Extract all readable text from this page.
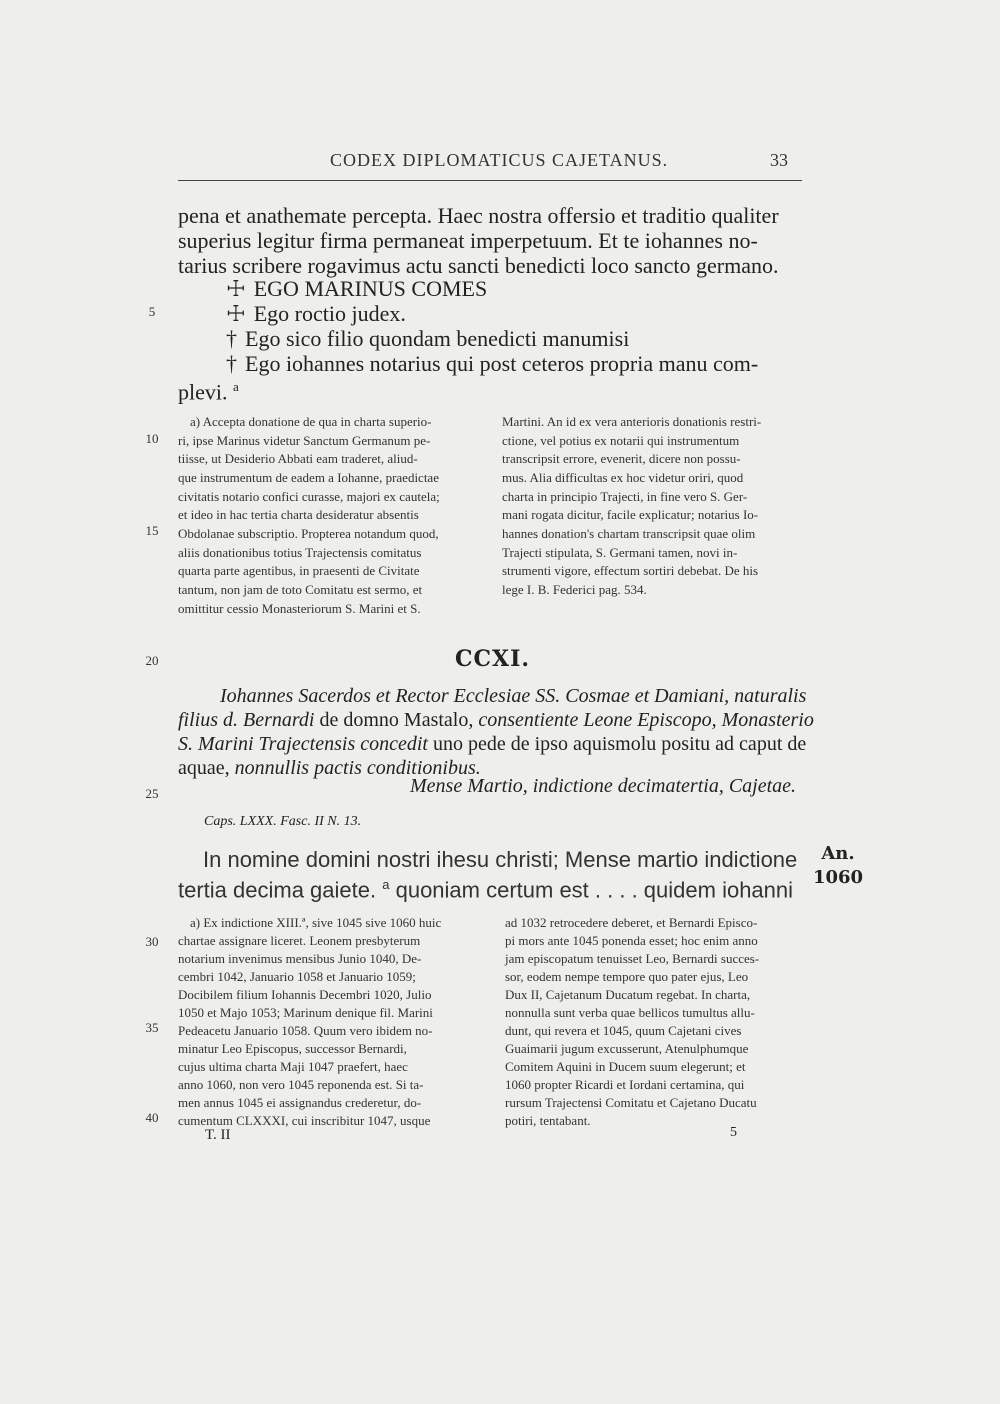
CODEX DIPLOMATICUS CAJETANUS.	33
pena et anathemate percepta. Haec nostra offersio et traditio qualiter
superius legitur firma permaneat imperpetuum. Et te iohannes no-
tarius scribere rogavimus actu sancti benedicti loco sancto germano.
☩ EGO MARINUS COMES
☩ Ego roctio judex.
† Ego sico filio quondam benedicti manumisi
† Ego iohannes notarius qui post ceteros propria manu com-
plevi. $^a$
5
10
15
20
25
30
35
40
a) Accepta donatione de qua in charta superio-
ri, ipse Marinus videtur Sanctum Germanum pe-
tiisse, ut Desiderio Abbati eam traderet, aliud-
que instrumentum de eadem a Iohanne, praedictae
civitatis notario confici curasse, majori ex cautela;
et ideo in hac tertia charta desideratur absentis
Obdolanae subscriptio. Propterea notandum quod,
aliis donationibus totius Trajectensis comitatus
quarta parte agentibus, in praesenti de Civitate
tantum, non jam de toto Comitatu est sermo, et
omittitur cessio Monasteriorum S. Marini et S.
Martini. An id ex vera anterioris donationis restri-
ctione, vel potius ex notarii qui instrumentum
transcripsit errore, evenerit, dicere non possu-
mus. Alia difficultas ex hoc videtur oriri, quod
charta in principio Trajecti, in fine vero S. Ger-
mani rogata dicitur, facile explicatur; notarius Io-
hannes donation's chartam transcripsit quae olim
Trajecti stipulata, S. Germani tamen, novi in-
strumenti vigore, effectum sortiri debebat. De his
lege I. B. Federici pag. 534.
CCXI.
Iohannes Sacerdos et Rector Ecclesiae SS. Cosmae et Damiani, naturalis
filius d. Bernardi de domno Mastalo, consentiente Leone Episcopo, Monasterio
S. Marini Trajectensis concedit uno pede de ipso aquismolu positu ad caput de
aquae, nonnullis pactis conditionibus.
Mense Martio, indictione decimatertia, Cajetae.
Caps. LXXX. Fasc. II N. 13.
In nomine domini nostri ihesu christi; Mense martio indictione
tertia decima gaiete. $^a$ quoniam certum est . . . . quidem iohanni
An.
1060
a) Ex indictione XIII.ª, sive 1045 sive 1060 huic
chartae assignare liceret. Leonem presbyterum
notarium invenimus mensibus Junio 1040, De-
cembri 1042, Januario 1058 et Januario 1059;
Docibilem filium Iohannis Decembri 1020, Julio
1050 et Majo 1053; Marinum denique fil. Marini
Pedeacetu Januario 1058. Quum vero ibidem no-
minatur Leo Episcopus, successor Bernardi,
cujus ultima charta Maji 1047 praefert, haec
anno 1060, non vero 1045 reponenda est. Si ta-
men annus 1045 ei assignandus crederetur, do-
cumentum CLXXXI, cui inscribitur 1047, usque
ad 1032 retrocedere deberet, et Bernardi Episco-
pi mors ante 1045 ponenda esset; hoc enim anno
jam episcopatum tenuisset Leo, Bernardi succes-
sor, eodem nempe tempore quo pater ejus, Leo
Dux II, Cajetanum Ducatum regebat. In charta,
nonnulla sunt verba quae bellicos tumultus allu-
dunt, qui revera et 1045, quum Cajetani cives
Guaimarii jugum excusserunt, Atenulphumque
Comitem Aquini in Ducem suum elegerunt; et
1060 propter Ricardi et Iordani certamina, qui
rursum Trajectensi Comitatu et Cajetano Ducatu
potiri, tentabant.
T. II	5
